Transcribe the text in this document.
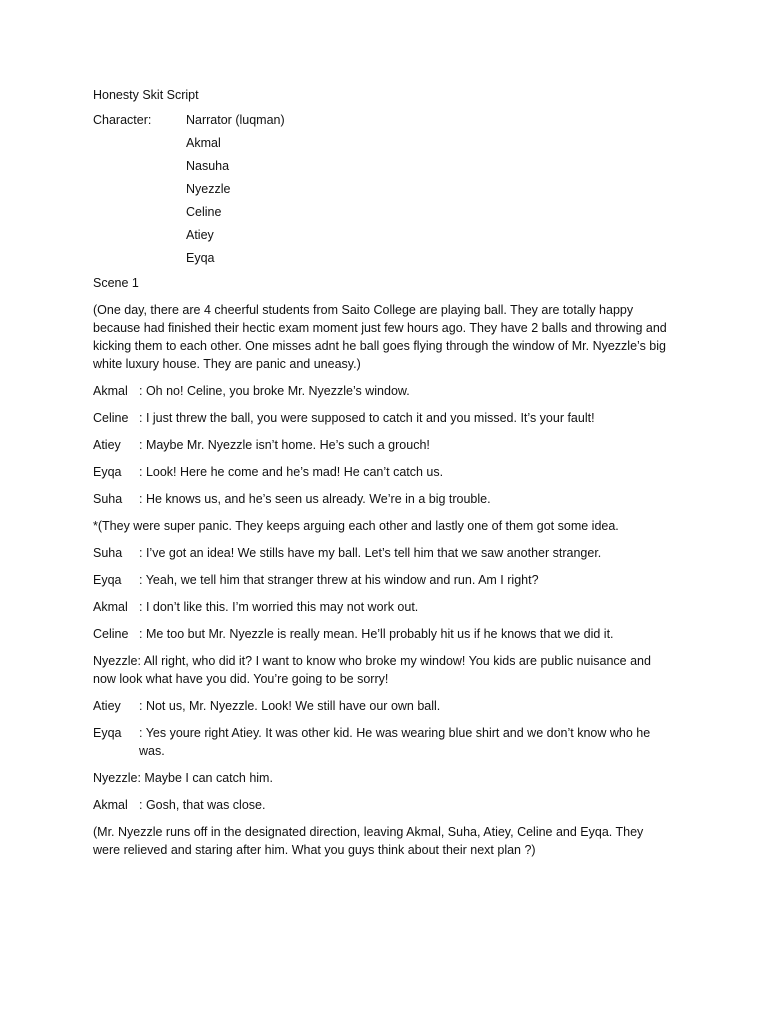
Honesty Skit Script

Character:	Narrator (luqman)
Akmal
Nasuha
Nyezzle
Celine
Atiey
Eyqa

Scene 1

(One day, there are 4 cheerful students from Saito College are playing ball. They are totally happy because had finished their hectic exam moment just few hours ago. They have 2 balls and throwing and kicking them to each other. One misses adnt he ball goes flying through the window of Mr. Nyezzle’s big white luxury house. They are panic and uneasy.)

Akmal : Oh no! Celine, you broke Mr. Nyezzle’s window.
Celine : I just threw the ball, you were supposed to catch it and you missed. It’s your fault!
Atiey	: Maybe Mr. Nyezzle isn’t home. He’s such a grouch!
Eyqa	: Look! Here he come and he’s mad! He can’t catch us.
Suha	: He knows us, and he’s seen us already. We’re in a big trouble.

*(They were super panic. They keeps arguing each other and lastly one of them got some idea.

Suha	: I’ve got an idea! We stills have my ball. Let’s tell him that we saw another stranger.
Eyqa	: Yeah, we tell him that stranger threw at his window and run. Am I right?
Akmal : I don’t like this. I’m worried this may not work out.
Celine : Me too but Mr. Nyezzle is really mean. He’ll probably hit us if he knows that we did it.

Nyezzle: All right, who did it? I want to know who broke my window! You kids are public nuisance and now look what have you did. You’re going to be sorry!

Atiey	: Not us, Mr. Nyezzle. Look! We still have our own ball.
Eyqa	: Yes youre right Atiey. It was other kid. He was wearing blue shirt and we don’t know who he was.

Nyezzle: Maybe I can catch him.

Akmal : Gosh, that was close.

(Mr. Nyezzle runs off in the designated direction, leaving Akmal, Suha, Atiey, Celine and Eyqa. They were relieved and staring after him. What you guys think about their next plan ?)
